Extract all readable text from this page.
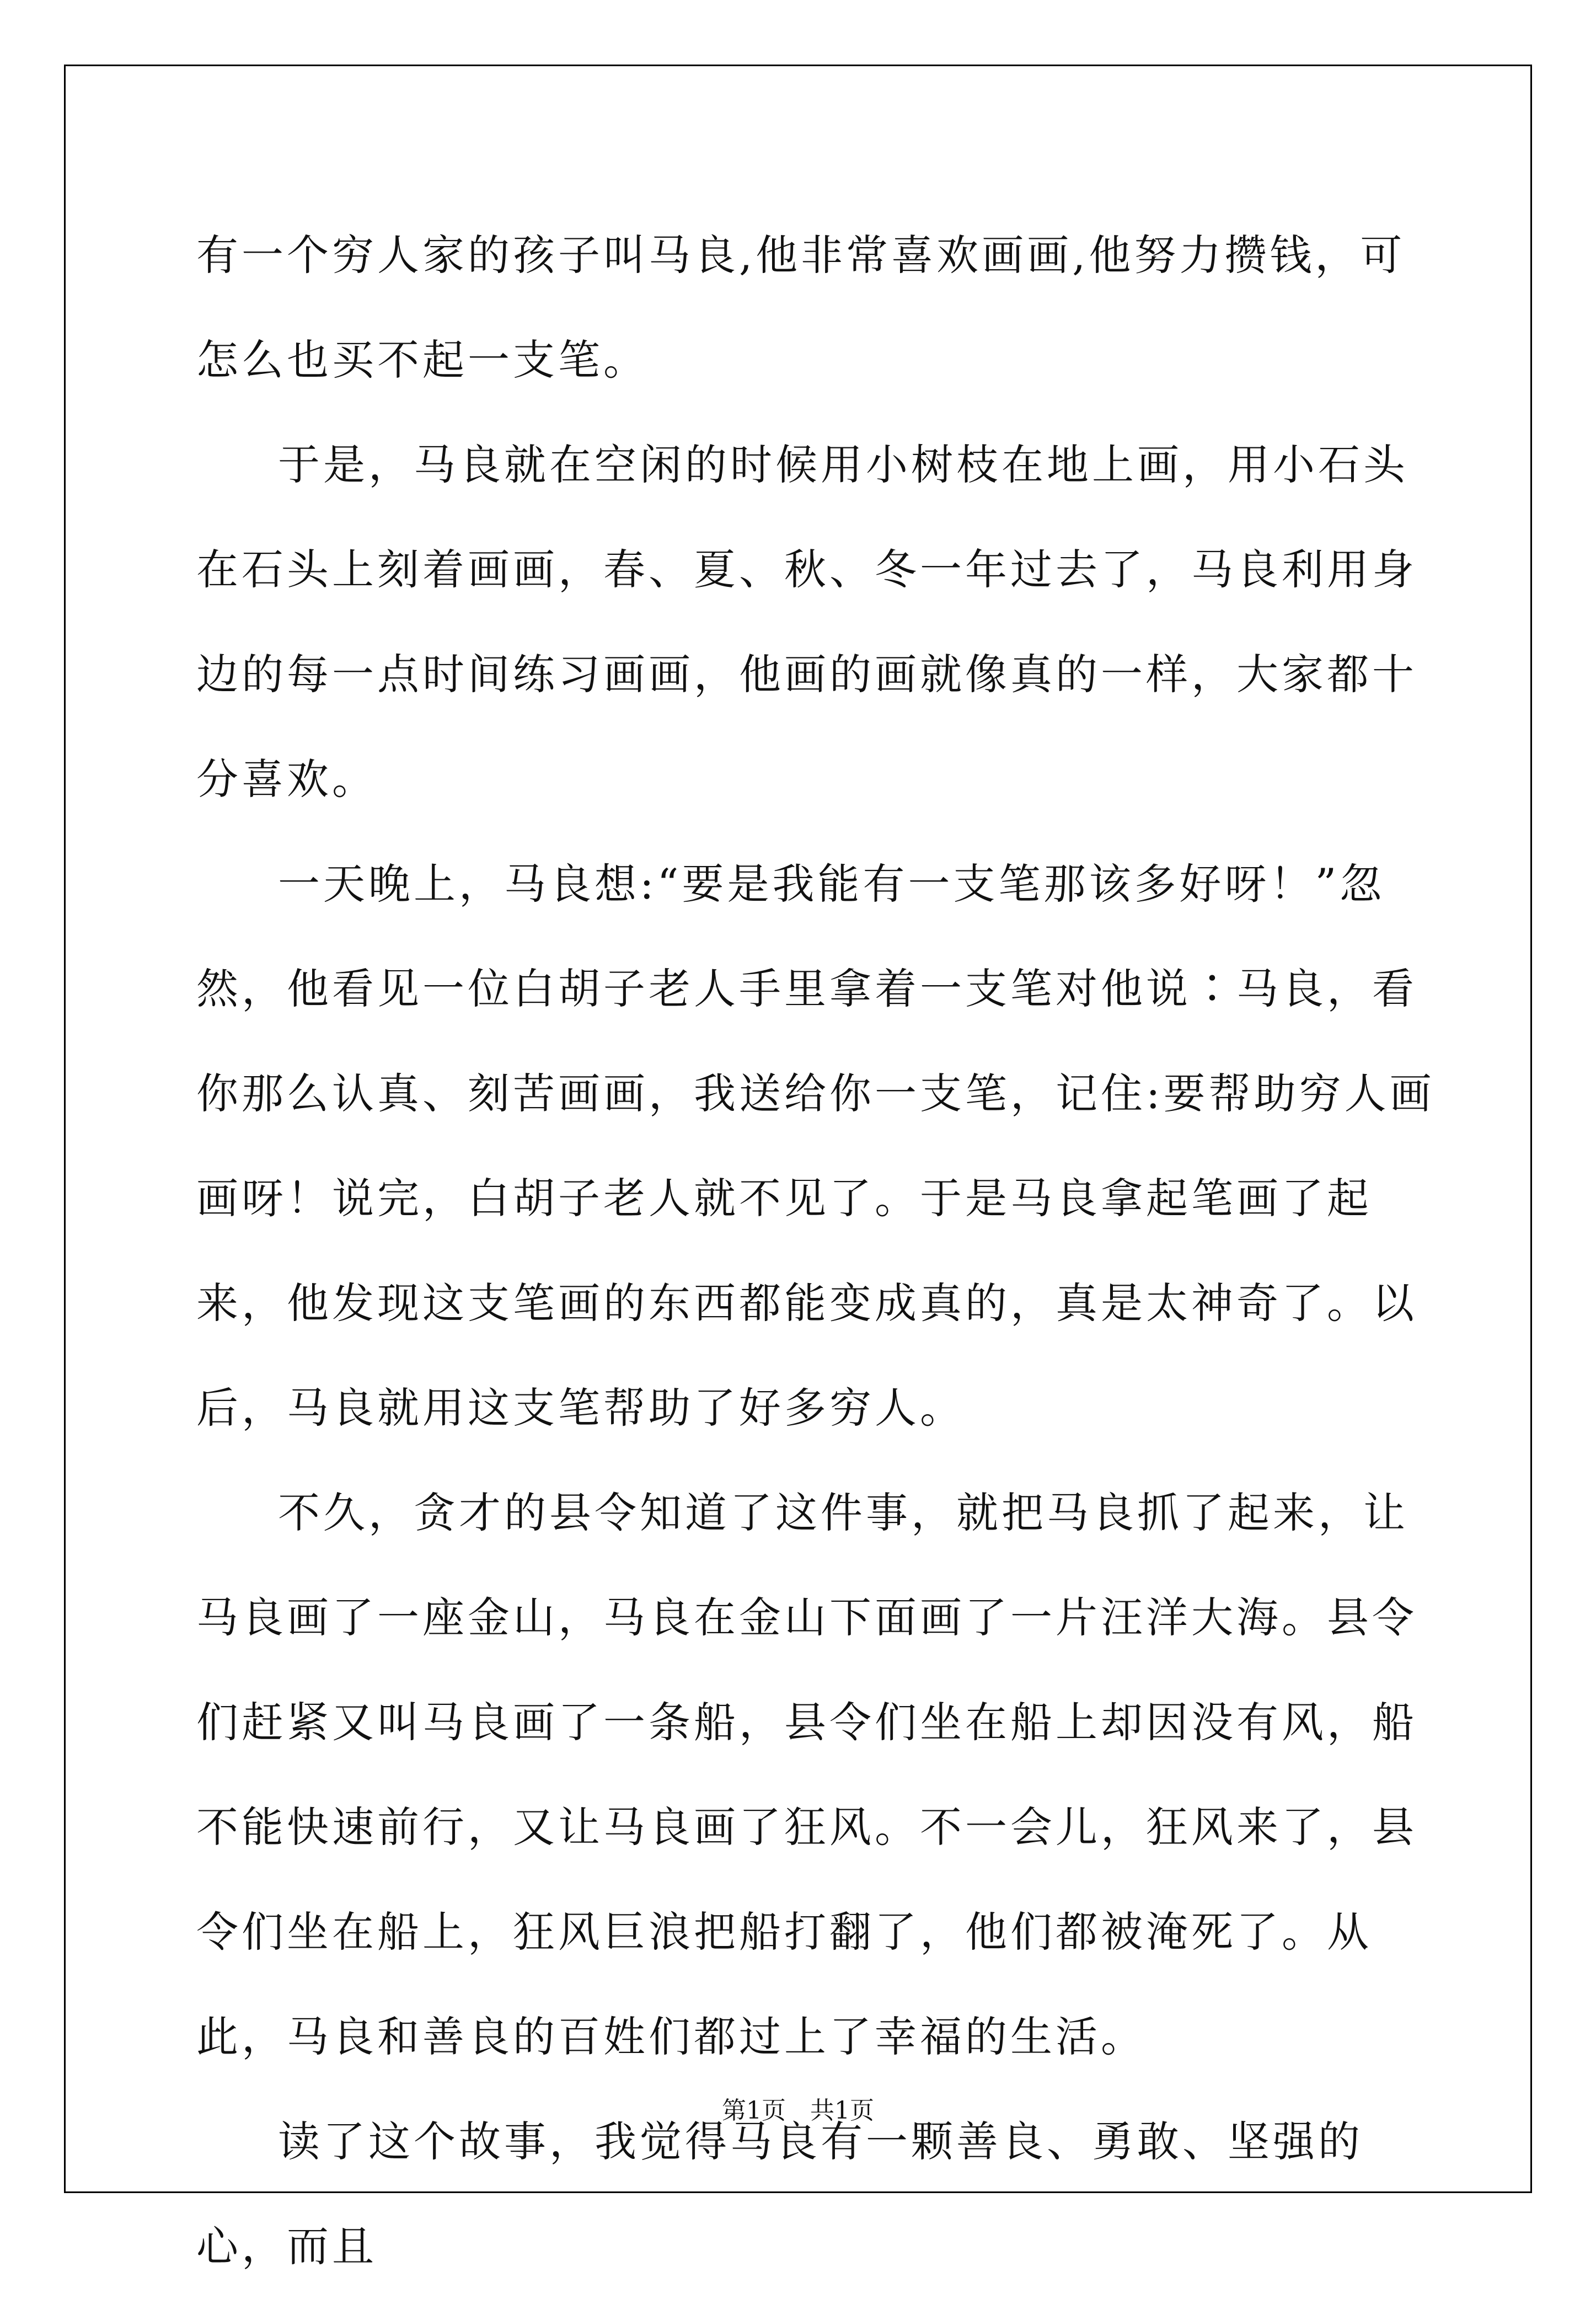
有一个穷人家的孩子叫马良,他非常喜欢画画,他努力攒钱，可怎么也买不起一支笔。

于是，马良就在空闲的时候用小树枝在地上画，用小石头在石头上刻着画画，春、夏、秋、冬一年过去了，马良利用身边的每一点时间练习画画，他画的画就像真的一样，大家都十分喜欢。

一天晚上，马良想:“要是我能有一支笔那该多好呀！”忽然，他看见一位白胡子老人手里拿着一支笔对他说∶马良，看你那么认真、刻苦画画，我送给你一支笔，记住:要帮助穷人画画呀！说完，白胡子老人就不见了。于是马良拿起笔画了起来，他发现这支笔画的东西都能变成真的，真是太神奇了。以后，马良就用这支笔帮助了好多穷人。

不久，贪才的县令知道了这件事，就把马良抓了起来，让马良画了一座金山，马良在金山下面画了一片汪洋大海。县令们赶紧又叫马良画了一条船，县令们坐在船上却因没有风，船不能快速前行，又让马良画了狂风。不一会儿，狂风来了，县令们坐在船上，狂风巨浪把船打翻了，他们都被淹死了。从此，马良和善良的百姓们都过上了幸福的生活。

读了这个故事，我觉得马良有一颗善良、勇敢、坚强的心，而且

第1页 共1页
